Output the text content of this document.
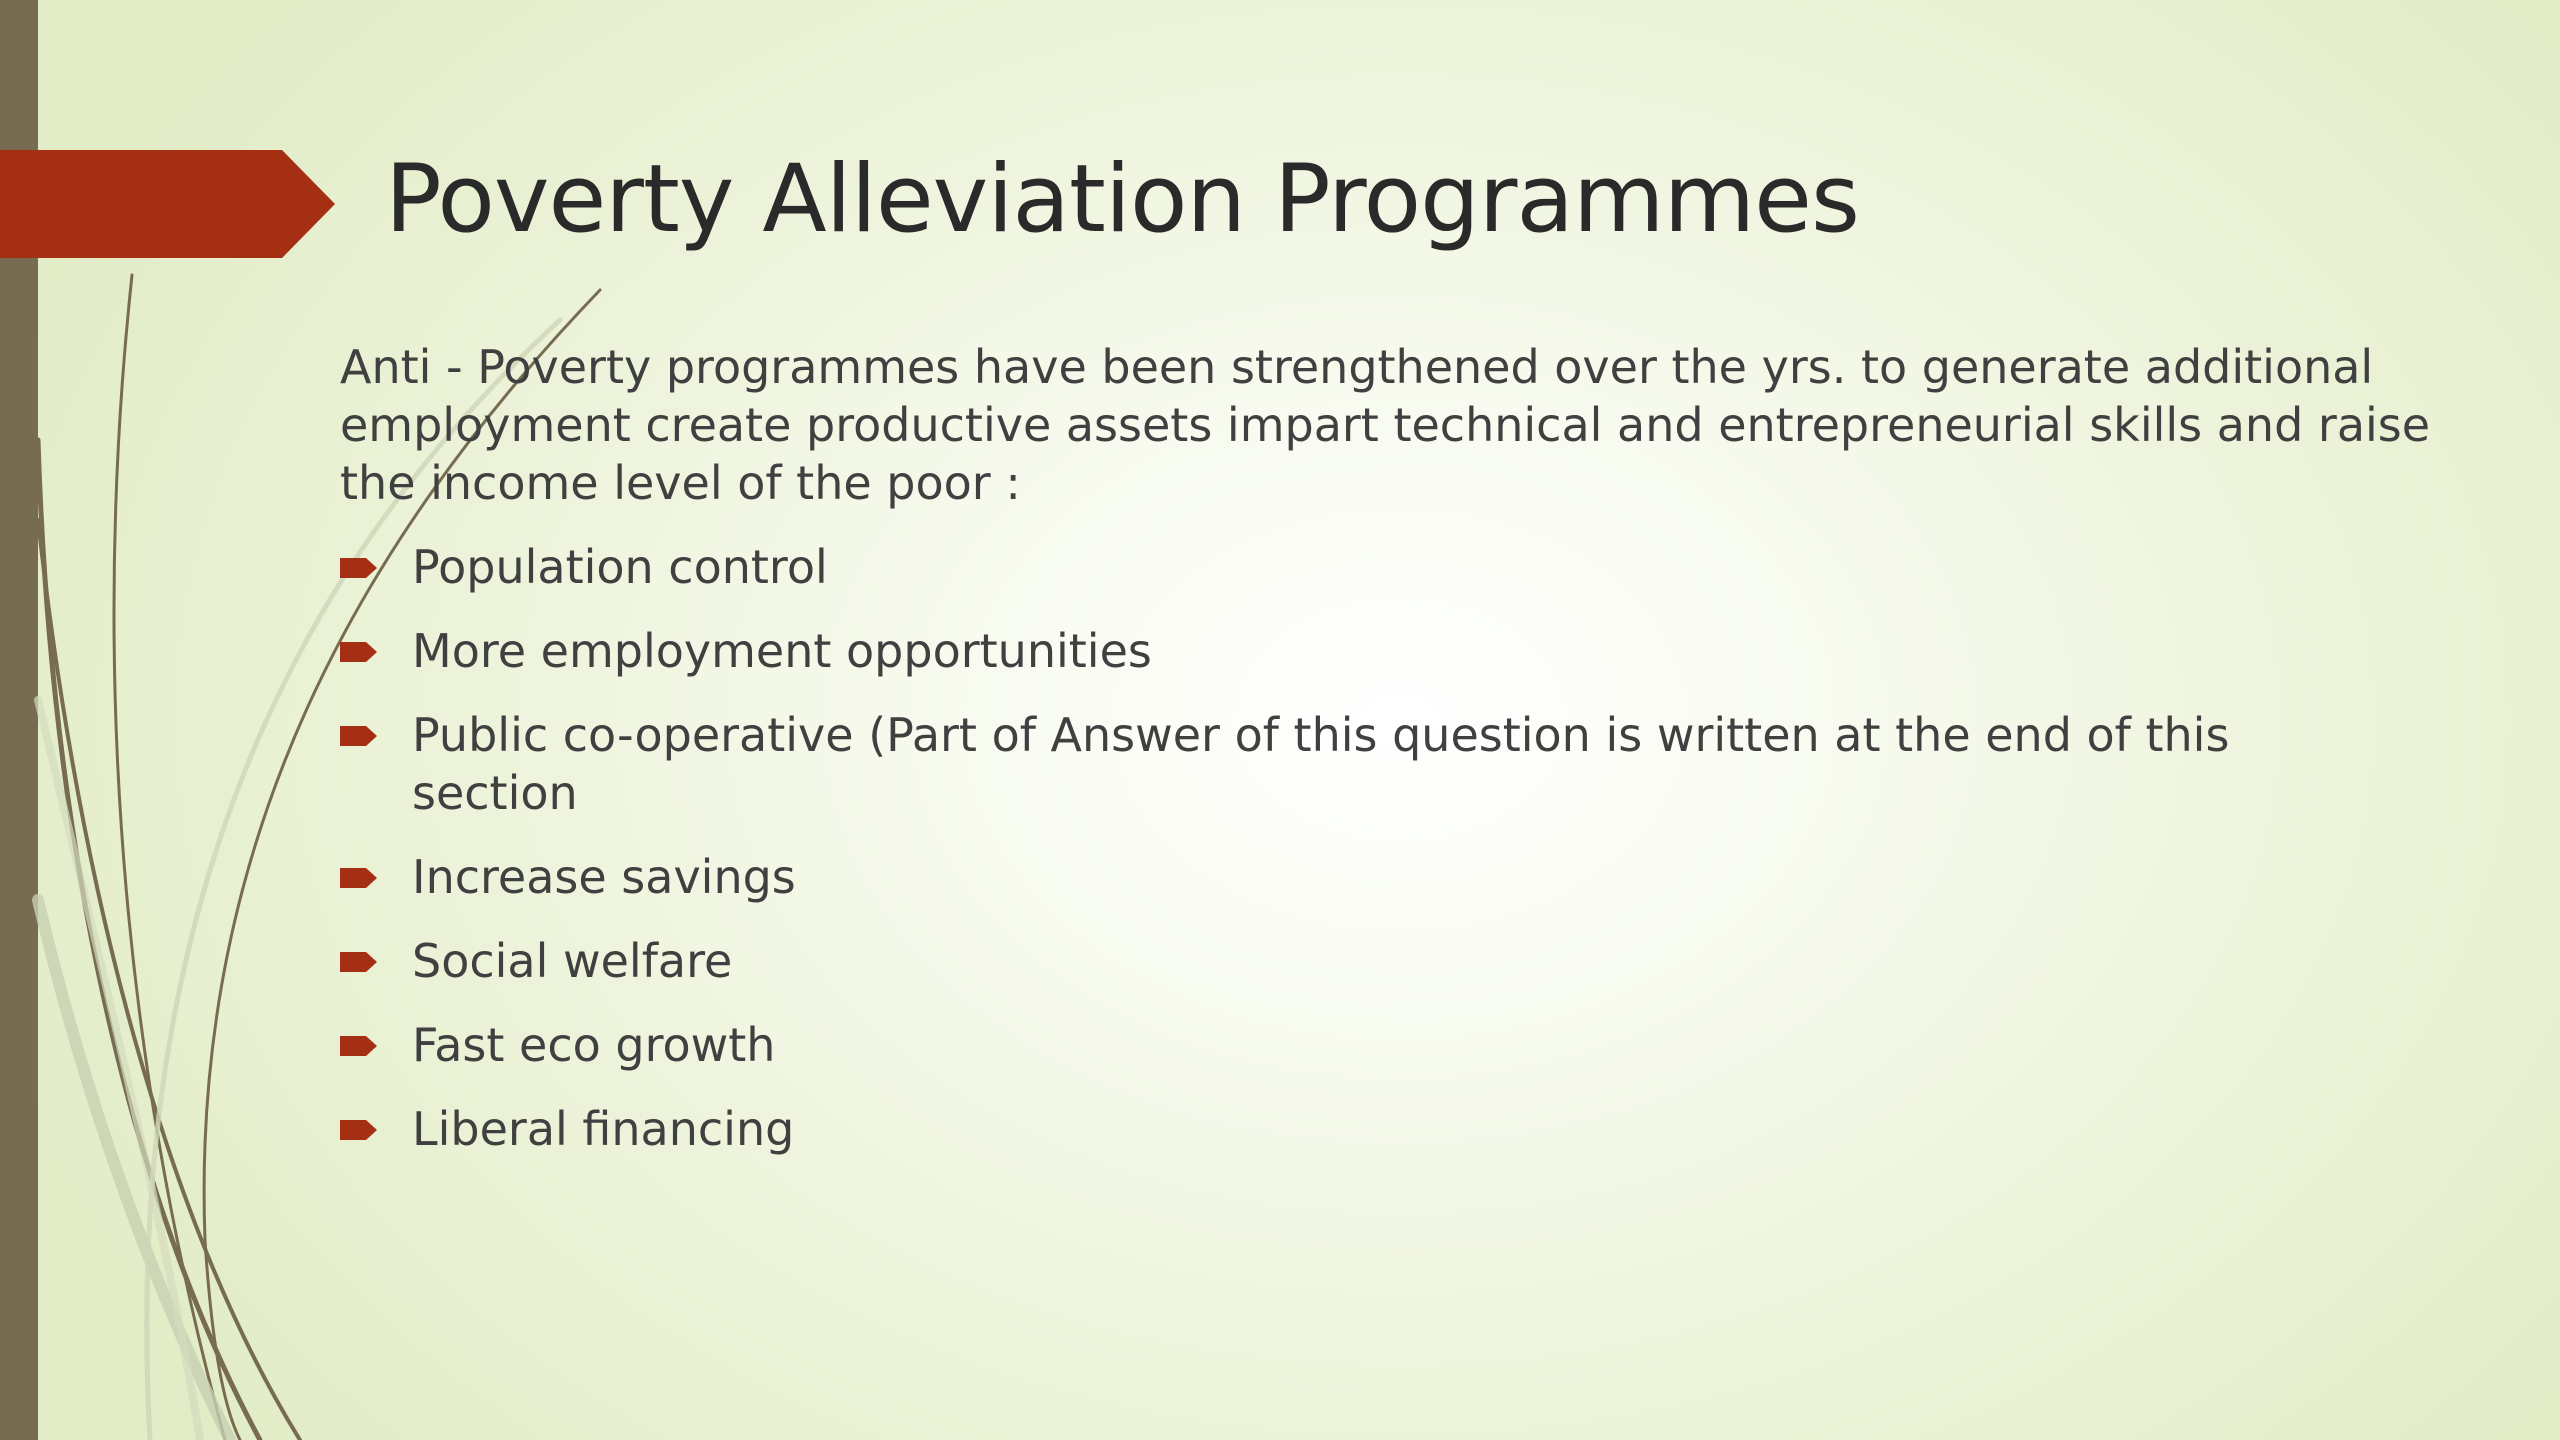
Poverty Alleviation Programmes

Anti - Poverty programmes have been strengthened over the yrs. to generate additional employment create productive assets impart technical and entrepreneurial skills and raise the income level of the poor :

Population control
More employment opportunities
Public co-operative (Part of Answer of this question is written at the end of this section
Increase savings
Social welfare
Fast eco growth
Liberal financing
